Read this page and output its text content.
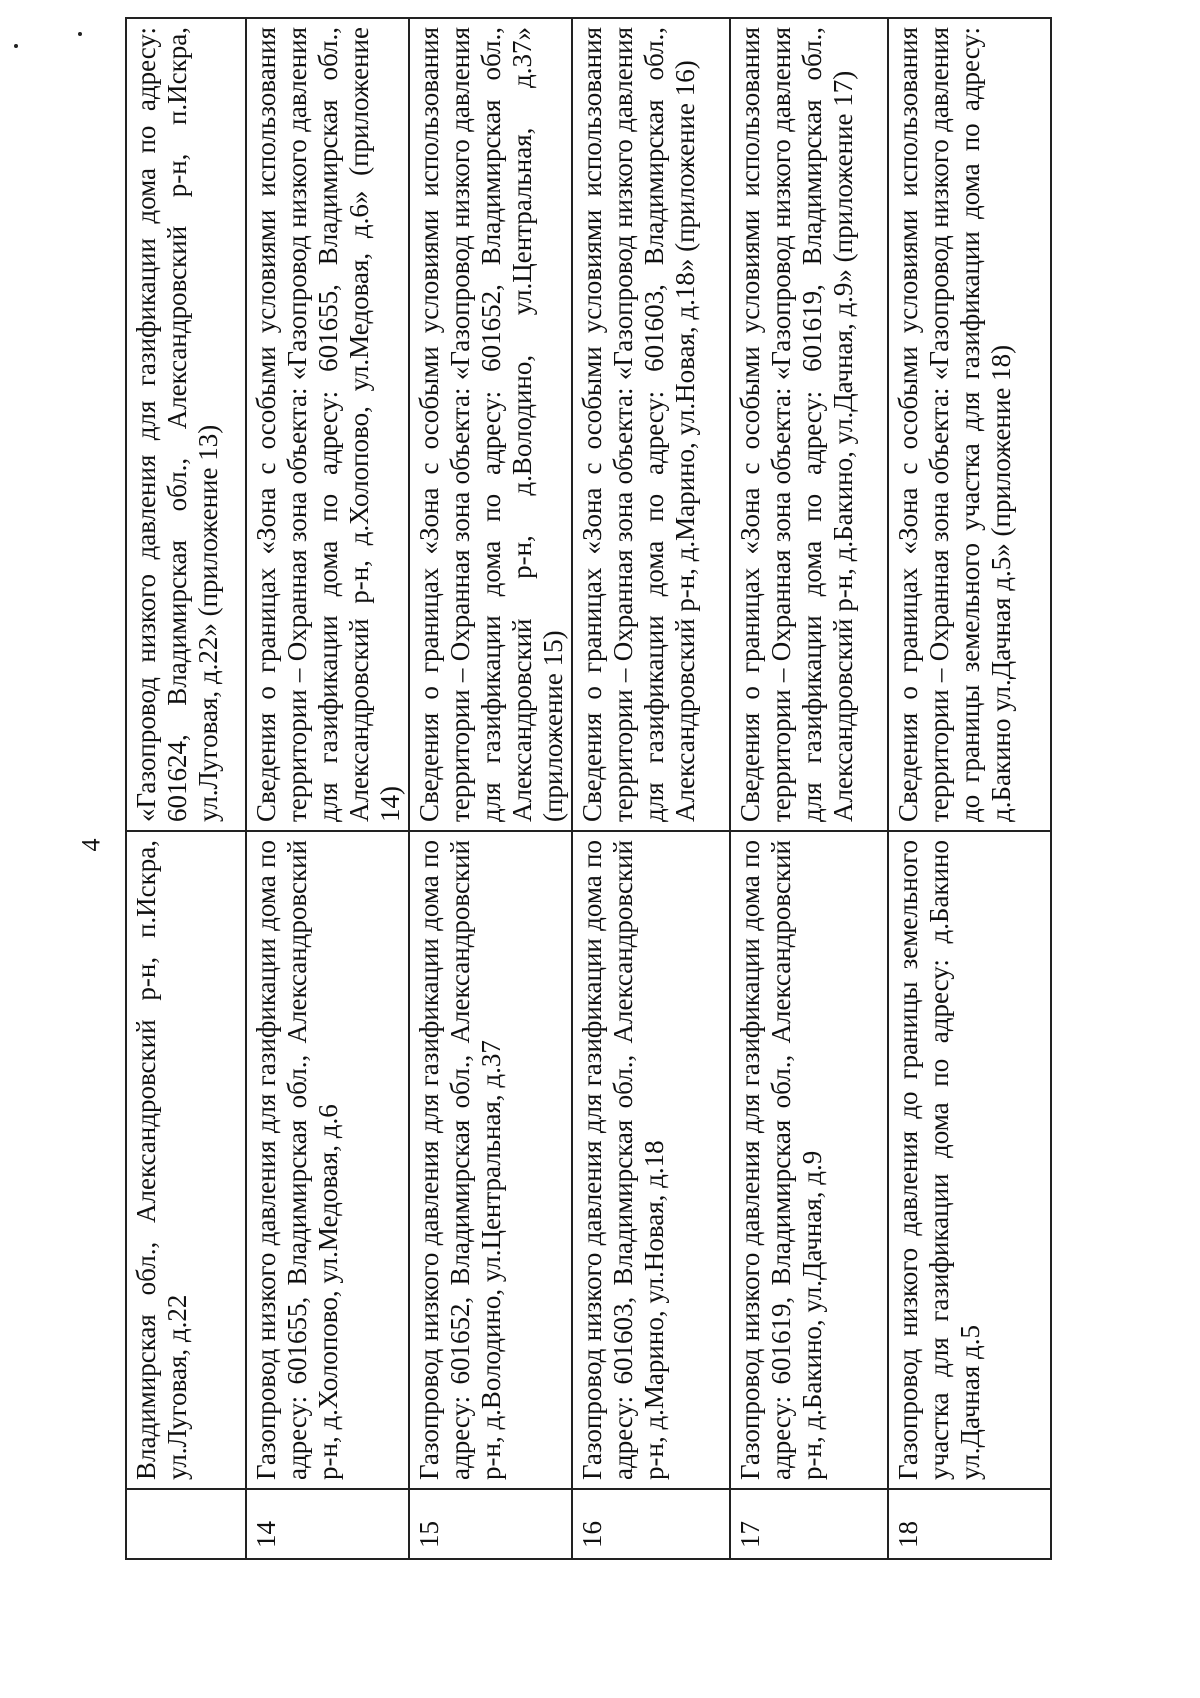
4
	Владимирская обл., Александровский р-н, п.Искра, ул.Луговая, д.22	«Газопровод низкого давления для газификации дома по адресу: 601624, Владимирская обл., Александровский р-н, п.Искра, ул.Луговая, д.22» (приложение 13)
14	Газопровод низкого давления для газификации дома по адресу: 601655, Владимирская обл., Александровский р-н, д.Холопово, ул.Медовая, д.6	Сведения о границах «Зона с особыми условиями использования территории – Охранная зона объекта: «Газопровод низкого давления для газификации дома по адресу: 601655, Владимирская обл., Александровский р-н, д.Холопово, ул.Медовая, д.6» (приложение 14)
15	Газопровод низкого давления для газификации дома по адресу: 601652, Владимирская обл., Александровский р-н, д.Володино, ул.Центральная, д.37	Сведения о границах «Зона с особыми условиями использования территории – Охранная зона объекта: «Газопровод низкого давления для газификации дома по адресу: 601652, Владимирская обл., Александровский р-н, д.Володино, ул.Центральная, д.37» (приложение 15)
16	Газопровод низкого давления для газификации дома по адресу: 601603, Владимирская обл., Александровский р-н, д.Марино, ул.Новая, д.18	Сведения о границах «Зона с особыми условиями использования территории – Охранная зона объекта: «Газопровод низкого давления для газификации дома по адресу: 601603, Владимирская обл., Александровский р-н, д.Марино, ул.Новая, д.18» (приложение 16)
17	Газопровод низкого давления для газификации дома по адресу: 601619, Владимирская обл., Александровский р-н, д.Бакино, ул.Дачная, д.9	Сведения о границах «Зона с особыми условиями использования территории – Охранная зона объекта: «Газопровод низкого давления для газификации дома по адресу: 601619, Владимирская обл., Александровский р-н, д.Бакино, ул.Дачная, д.9» (приложение 17)
18	Газопровод низкого давления до границы земельного участка для газификации дома по адресу: д.Бакино ул.Дачная д.5	Сведения о границах «Зона с особыми условиями использования территории – Охранная зона объекта: «Газопровод низкого давления до границы земельного участка для газификации дома по адресу: д.Бакино ул.Дачная д.5» (приложение 18)
